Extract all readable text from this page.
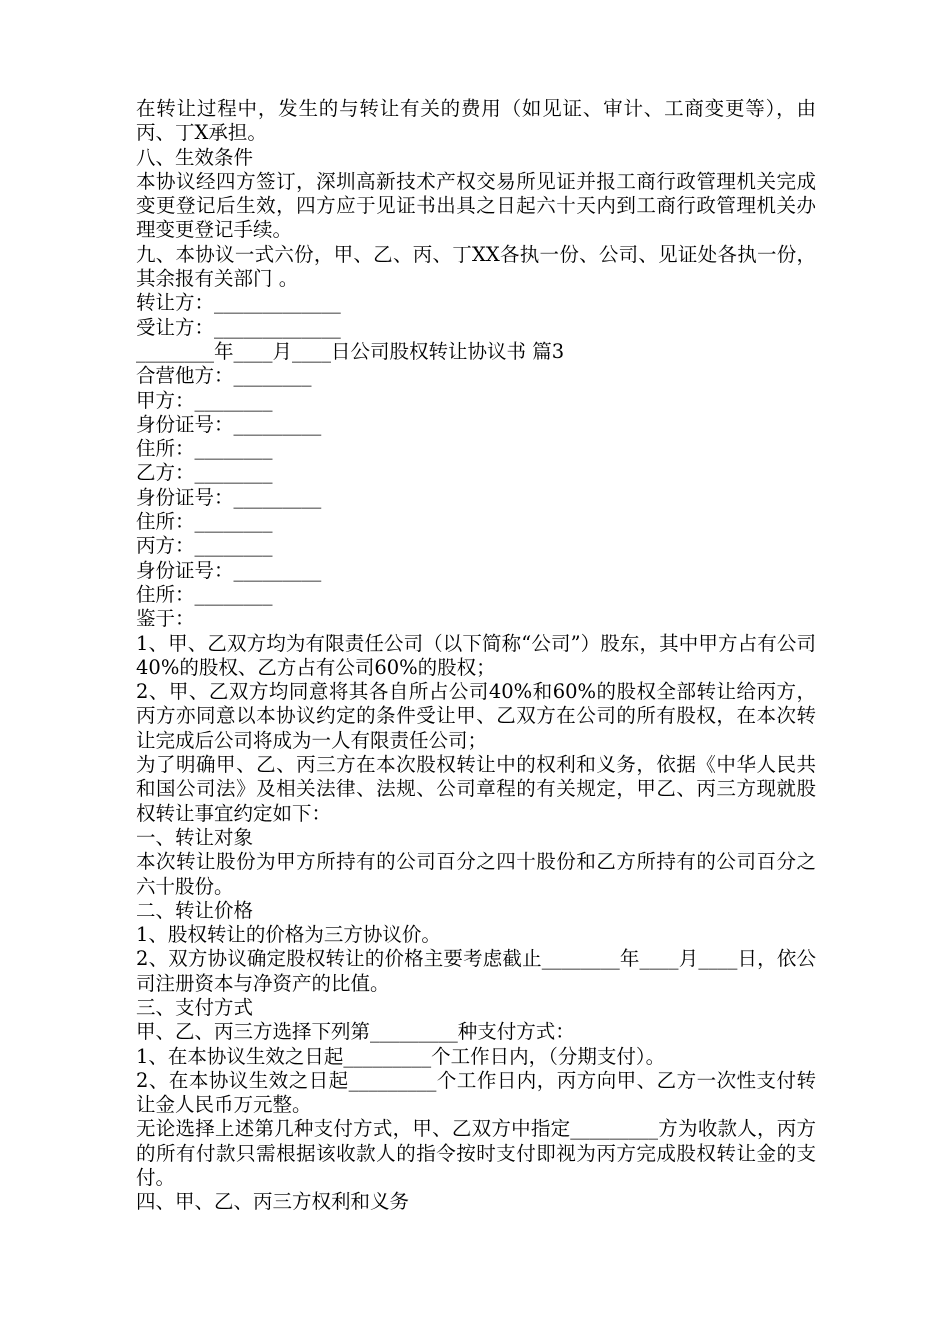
在转让过程中，发生的与转让有关的费用（如见证、审计、工商变更等），由丙、丁X承担。

八、生效条件

本协议经四方签订，深圳高新技术产权交易所见证并报工商行政管理机关完成变更登记后生效，四方应于见证书出具之日起六十天内到工商行政管理机关办理变更登记手续。

九、本协议一式六份，甲、乙、丙、丁XX各执一份、公司、见证处各执一份，其余报有关部门 。

转让方：_____________

受让方：_____________

________年____月____日公司股权转让协议书 篇3

合营他方：________

甲方：________

身份证号：_________

住所：________

乙方：________

身份证号：_________

住所：________

丙方：________

身份证号：_________

住所：________

鉴于：

1、甲、乙双方均为有限责任公司（以下简称“公司”）股东，其中甲方占有公司40%的股权、乙方占有公司60%的股权；

2、甲、乙双方均同意将其各自所占公司40%和60%的股权全部转让给丙方，丙方亦同意以本协议约定的条件受让甲、乙双方在公司的所有股权，在本次转让完成后公司将成为一人有限责任公司；

为了明确甲、乙、丙三方在本次股权转让中的权利和义务，依据《中华人民共和国公司法》及相关法律、法规、公司章程的有关规定，甲乙、丙三方现就股权转让事宜约定如下：

一、转让对象

本次转让股份为甲方所持有的公司百分之四十股份和乙方所持有的公司百分之六十股份。

二、转让价格

1、股权转让的价格为三方协议价。

2、双方协议确定股权转让的价格主要考虑截止________年____月____日，依公司注册资本与净资产的比值。

三、支付方式

甲、乙、丙三方选择下列第_________种支付方式：

1、在本协议生效之日起_________个工作日内，（分期支付）。

2、在本协议生效之日起_________个工作日内，丙方向甲、乙方一次性支付转让金人民币万元整。

无论选择上述第几种支付方式，甲、乙双方中指定_________方为收款人，丙方的所有付款只需根据该收款人的指令按时支付即视为丙方完成股权转让金的支付。

四、甲、乙、丙三方权利和义务
